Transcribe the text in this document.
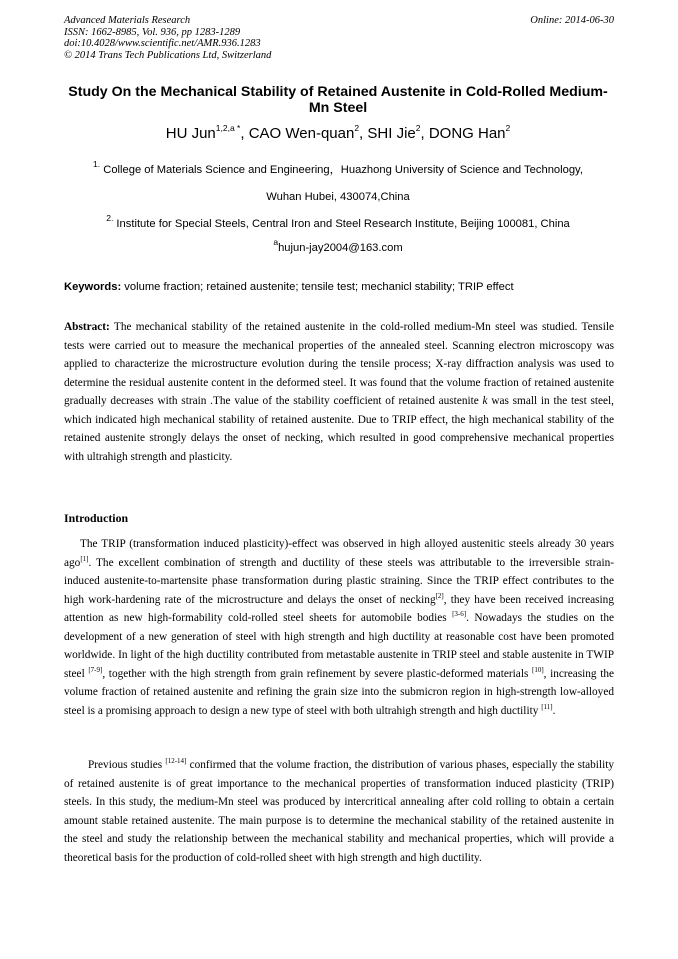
Advanced Materials Research
ISSN: 1662-8985, Vol. 936, pp 1283-1289
doi:10.4028/www.scientific.net/AMR.936.1283
© 2014 Trans Tech Publications Ltd, Switzerland
Online: 2014-06-30
Study On the Mechanical Stability of Retained Austenite in Cold-Rolled Medium-Mn Steel
HU Jun$^{1,2,a *}$, CAO Wen-quan$^2$, SHI Jie$^2$, DONG Han$^2$
$^{1.}$ College of Materials Science and Engineering，Huazhong University of Science and Technology,
Wuhan Hubei, 430074,China
$^{2.}$ Institute for Special Steels, Central Iron and Steel Research Institute, Beijing 100081, China
$^a$hujun-jay2004@163.com
Keywords: volume fraction; retained austenite; tensile test; mechanicl stability; TRIP effect
Abstract: The mechanical stability of the retained austenite in the cold-rolled medium-Mn steel was studied. Tensile tests were carried out to measure the mechanical properties of the annealed steel. Scanning electron microscopy was applied to characterize the microstructure evolution during the tensile process; X-ray diffraction analysis was used to determine the residual austenite content in the deformed steel. It was found that the volume fraction of retained austenite gradually decreases with strain .The value of the stability coefficient of retained austenite k was small in the test steel, which indicated high mechanical stability of retained austenite. Due to TRIP effect, the high mechanical stability of the retained austenite strongly delays the onset of necking, which resulted in good comprehensive mechanical properties with ultrahigh strength and plasticity.
Introduction
The TRIP (transformation induced plasticity)-effect was observed in high alloyed austenitic steels already 30 years ago[1]. The excellent combination of strength and ductility of these steels was attributable to the irreversible strain-induced austenite-to-martensite phase transformation during plastic straining. Since the TRIP effect contributes to the high work-hardening rate of the microstructure and delays the onset of necking[2], they have been received increasing attention as new high-formability cold-rolled steel sheets for automobile bodies [3-6]. Nowadays the studies on the development of a new generation of steel with high strength and high ductility at reasonable cost have been promoted worldwide. In light of the high ductility contributed from metastable austenite in TRIP steel and stable austenite in TWIP steel [7-9], together with the high strength from grain refinement by severe plastic-deformed materials [10], increasing the volume fraction of retained austenite and refining the grain size into the submicron region in high-strength low-alloyed steel is a promising approach to design a new type of steel with both ultrahigh strength and high ductility [11].
Previous studies [12-14] confirmed that the volume fraction, the distribution of various phases, especially the stability of retained austenite is of great importance to the mechanical properties of transformation induced plasticity (TRIP) steels. In this study, the medium-Mn steel was produced by intercritical annealing after cold rolling to obtain a certain amount stable retained austenite. The main purpose is to determine the mechanical stability of the retained austenite in the steel and study the relationship between the mechanical stability and mechanical properties, which will provide a theoretical basis for the production of cold-rolled sheet with high strength and high ductility.
